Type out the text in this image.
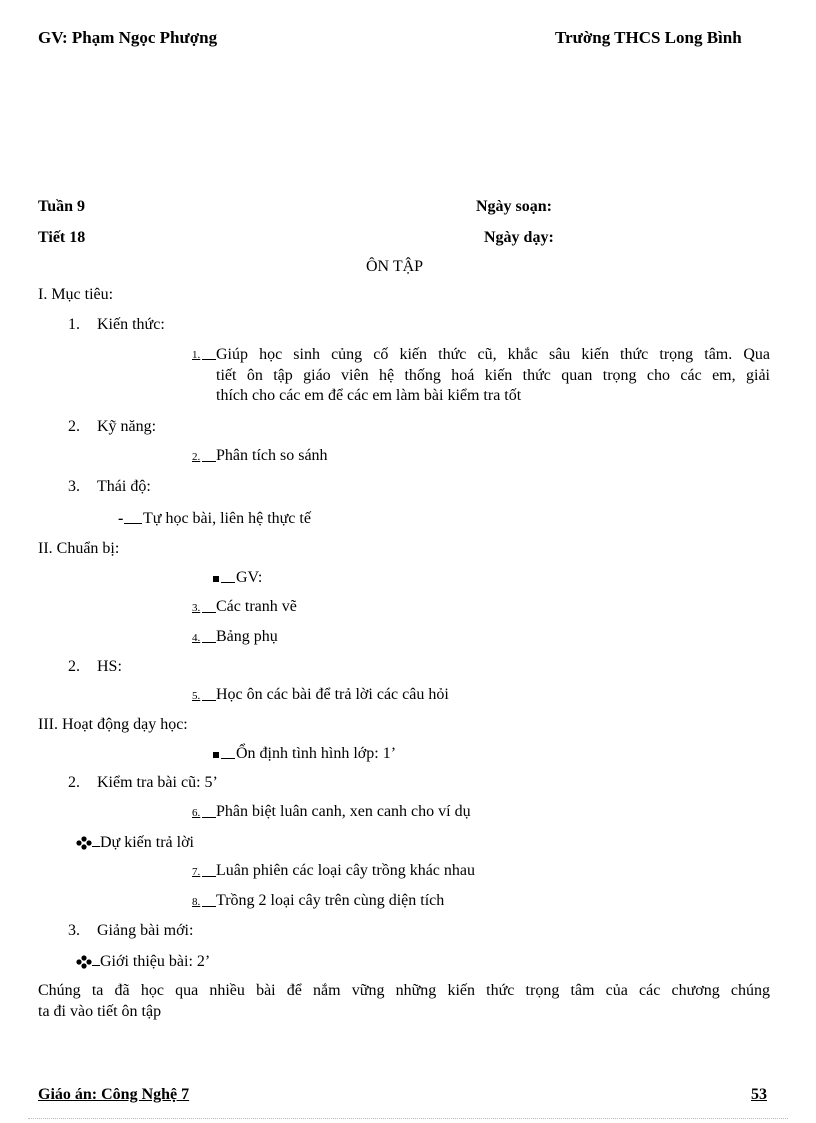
GV: Phạm Ngọc Phượng	Trường THCS Long Bình
Tuần 9	Ngày soạn:
Tiết 18	Ngày dạy:
ÔN TẬP
I. Mục tiêu:
1. Kiến thức:
1. Giúp học sinh củng cố kiến thức cũ, khắc sâu kiến thức trọng tâm. Qua
tiết ôn tập giáo viên hệ thống hoá kiến thức quan trọng cho các em, giải
thích cho các em để các em làm bài kiểm tra tốt
2. Kỹ năng:
2. Phân tích so sánh
3. Thái độ:
- Tự học bài, liên hệ thực tế
II. Chuẩn bị:
GV:
3. Các tranh vẽ
4. Bảng phụ
2. HS:
5. Học ôn các bài để trả lời các câu hỏi
III. Hoạt động dạy học:
Ổn định tình hình lớp: 1’
2. Kiểm tra bài cũ: 5’
6. Phân biệt luân canh, xen canh cho ví dụ
Dự kiến trả lời
7. Luân phiên các loại cây trồng khác nhau
8. Trồng 2 loại cây trên cùng diện tích
3. Giảng bài mới:
Giới thiệu bài: 2’
Chúng ta đã học qua nhiều bài để nắm vững những kiến thức trọng tâm của các chương chúng
ta đi vào tiết ôn tập
Giáo án: Công Nghệ 7	53
